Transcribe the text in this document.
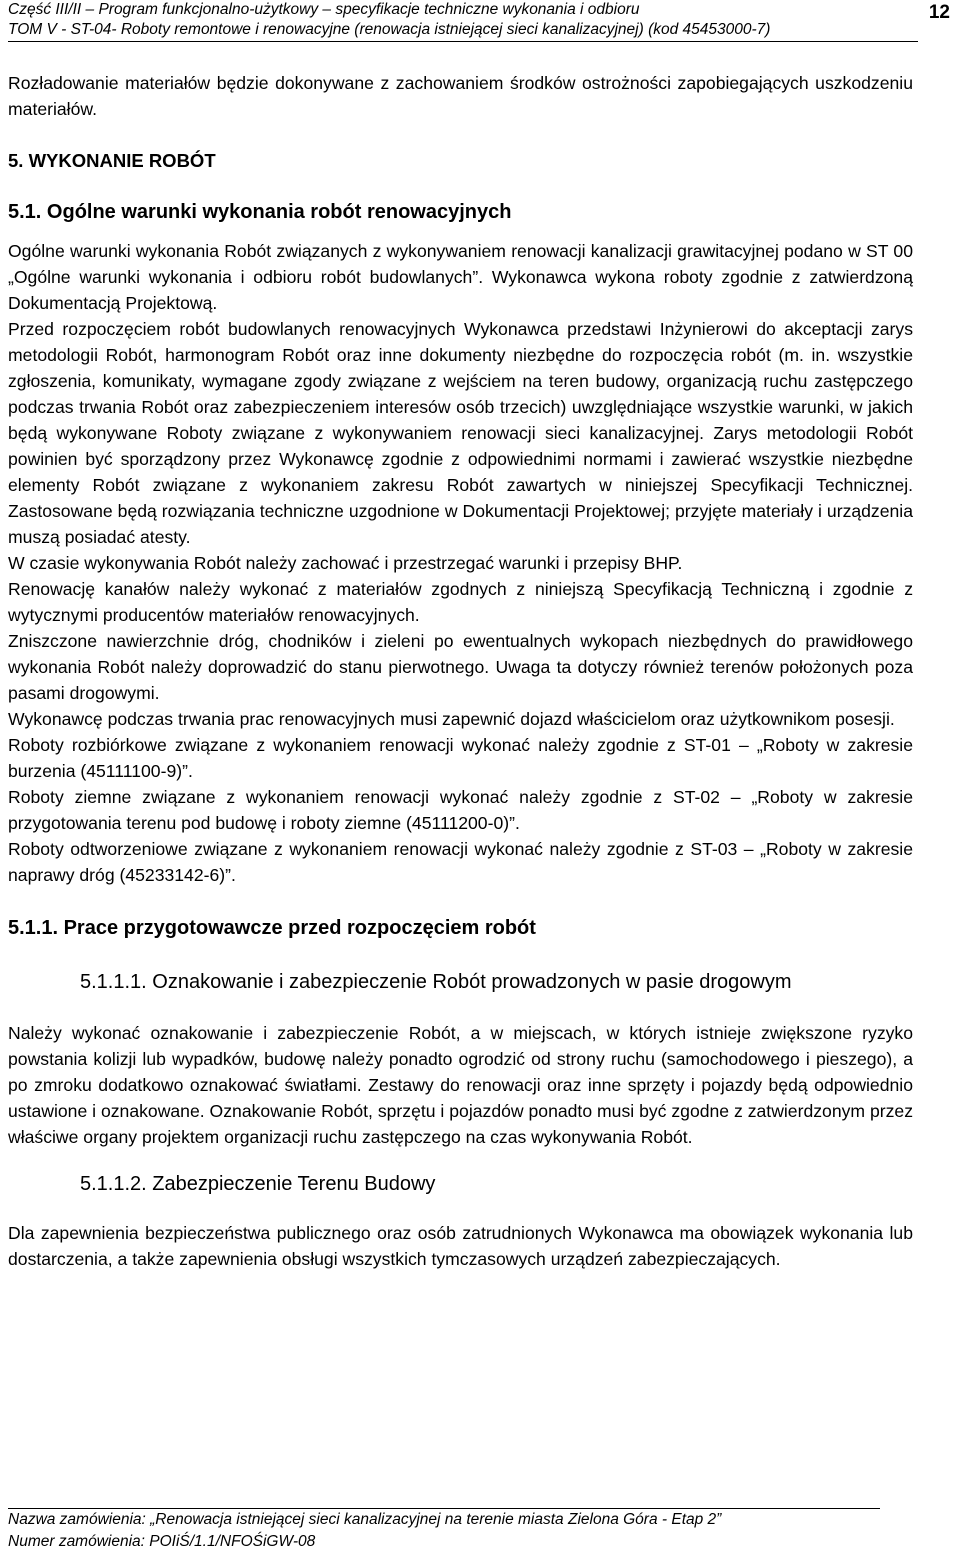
Część III/II – Program funkcjonalno-użytkowy – specyfikacje techniczne wykonania i odbioru
TOM V - ST-04- Roboty remontowe i renowacyjne (renowacja istniejącej sieci kanalizacyjnej) (kod 45453000-7)
12

Rozładowanie materiałów będzie dokonywane z zachowaniem środków ostrożności zapobiegających uszkodzeniu materiałów.

5. WYKONANIE ROBÓT
5.1. Ogólne warunki wykonania robót renowacyjnych

Ogólne warunki wykonania Robót związanych z wykonywaniem renowacji kanalizacji grawitacyjnej podano w ST 00 „Ogólne warunki wykonania i odbioru robót budowlanych”. Wykonawca wykona roboty zgodnie z zatwierdzoną Dokumentacją Projektową.

Przed rozpoczęciem robót budowlanych renowacyjnych Wykonawca przedstawi Inżynierowi do akceptacji zarys metodologii Robót, harmonogram Robót oraz inne dokumenty niezbędne do rozpoczęcia robót (m. in. wszystkie zgłoszenia, komunikaty, wymagane zgody związane z wejściem na teren budowy, organizacją ruchu zastępczego podczas trwania Robót oraz zabezpieczeniem interesów osób trzecich) uwzględniające wszystkie warunki, w jakich będą wykonywane Roboty związane z wykonywaniem renowacji sieci kanalizacyjnej. Zarys metodologii Robót powinien być sporządzony przez Wykonawcę zgodnie z odpowiednimi normami i zawierać wszystkie niezbędne elementy Robót związane z wykonaniem zakresu Robót zawartych w niniejszej Specyfikacji Technicznej. Zastosowane będą rozwiązania techniczne uzgodnione w Dokumentacji Projektowej; przyjęte materiały i urządzenia muszą posiadać atesty.

W czasie wykonywania Robót należy zachować i przestrzegać warunki i przepisy BHP.

Renowację kanałów należy wykonać z materiałów zgodnych z niniejszą Specyfikacją Techniczną i zgodnie z wytycznymi producentów materiałów renowacyjnych.

Zniszczone nawierzchnie dróg, chodników i zieleni po ewentualnych wykopach niezbędnych do prawidłowego wykonania Robót należy doprowadzić do stanu pierwotnego. Uwaga ta dotyczy również terenów położonych poza pasami drogowymi.

Wykonawcę podczas trwania prac renowacyjnych musi zapewnić dojazd właścicielom oraz użytkownikom posesji.

Roboty rozbiórkowe związane z wykonaniem renowacji wykonać należy zgodnie z ST-01 – „Roboty w zakresie burzenia (45111100-9)”.

Roboty ziemne związane z wykonaniem renowacji wykonać należy zgodnie z ST-02 – „Roboty w zakresie przygotowania terenu pod budowę i roboty ziemne (45111200-0)”.

Roboty odtworzeniowe związane z wykonaniem renowacji wykonać należy zgodnie z ST-03 – „Roboty w zakresie naprawy dróg (45233142-6)”.

5.1.1. Prace przygotowawcze przed rozpoczęciem robót
5.1.1.1. Oznakowanie i zabezpieczenie Robót prowadzonych w pasie drogowym

Należy wykonać oznakowanie i zabezpieczenie Robót, a w miejscach, w których istnieje zwiększone ryzyko powstania kolizji lub wypadków, budowę należy ponadto ogrodzić od strony ruchu (samochodowego i pieszego), a po zmroku dodatkowo oznakować światłami. Zestawy do renowacji oraz inne sprzęty i pojazdy będą odpowiednio ustawione i oznakowane. Oznakowanie Robót, sprzętu i pojazdów ponadto musi być zgodne z zatwierdzonym przez właściwe organy projektem organizacji ruchu zastępczego na czas wykonywania Robót.

5.1.1.2. Zabezpieczenie Terenu Budowy

Dla zapewnienia bezpieczeństwa publicznego oraz osób zatrudnionych Wykonawca ma obowiązek wykonania lub dostarczenia, a także zapewnienia obsługi wszystkich tymczasowych urządzeń zabezpieczających.

Nazwa zamówienia: „Renowacja istniejącej sieci kanalizacyjnej na terenie miasta Zielona Góra - Etap 2”
Numer zamówienia: POIiŚ/1.1/NFOŚiGW-08
